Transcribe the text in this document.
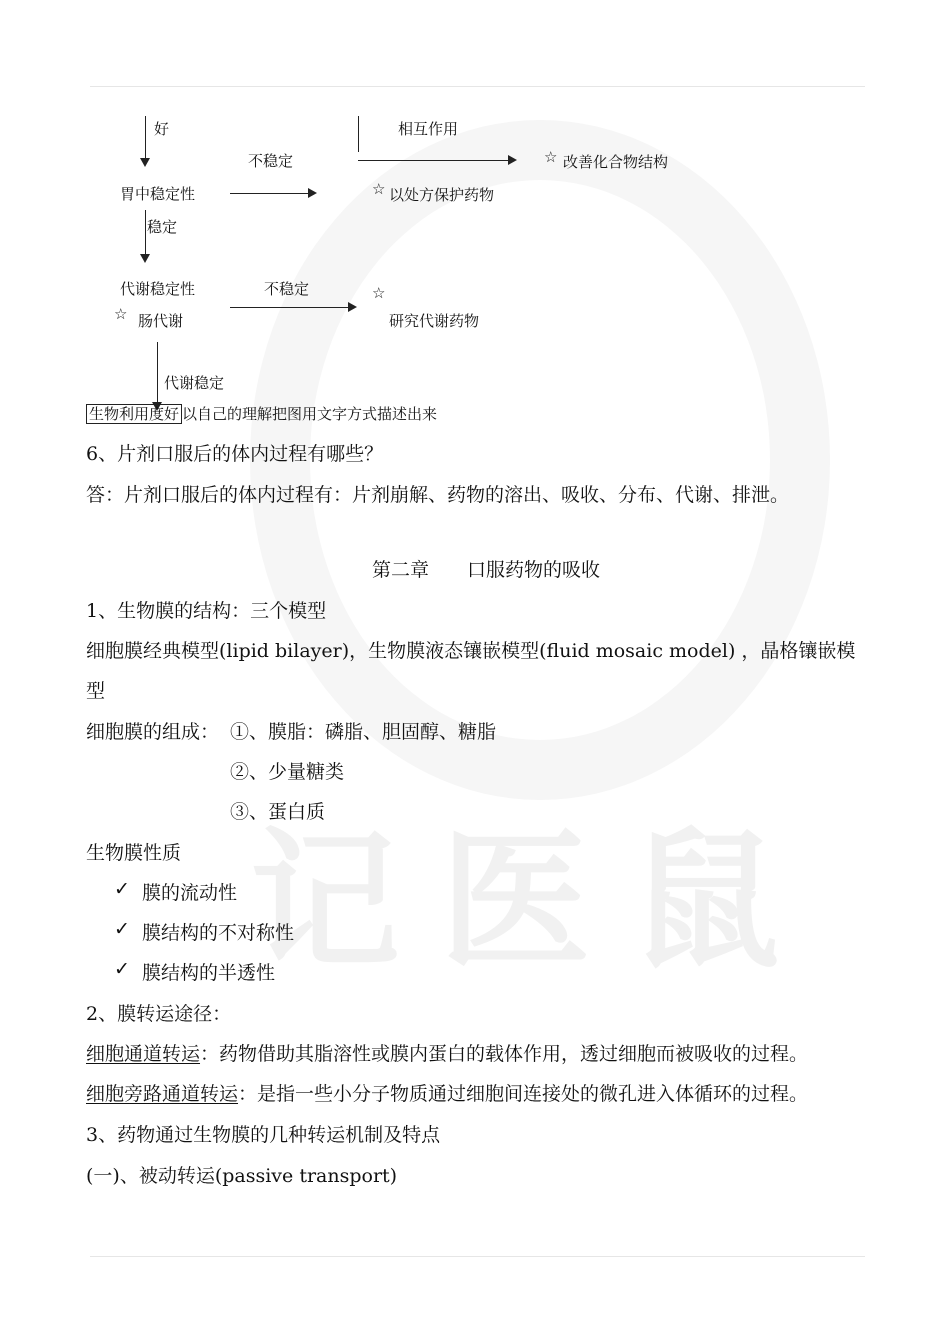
记医鼠
好
不稳定
相互作用
☆ 改善化合物结构
胃中稳定性	☆ 以处方保护药物
稳定
代谢稳定性	不稳定	☆
☆ 肠代谢	研究代谢药物
代谢稳定
生物利用度好 以自己的理解把图用文字方式描述出来
6、片剂口服后的体内过程有哪些？
答：片剂口服后的体内过程有：片剂崩解、药物的溶出、吸收、分布、代谢、排泄。
第二章　　口服药物的吸收
1、生物膜的结构：三个模型
细胞膜经典模型(lipid bilayer)，生物膜液态镶嵌模型(fluid mosaic model) ，晶格镶嵌模
型
细胞膜的组成： ①、膜脂：磷脂、胆固醇、糖脂
②、少量糖类
③、蛋白质
生物膜性质
✓ 膜的流动性
✓ 膜结构的不对称性
✓ 膜结构的半透性
2、膜转运途径：
细胞通道转运：药物借助其脂溶性或膜内蛋白的载体作用，透过细胞而被吸收的过程。
细胞旁路通道转运：是指一些小分子物质通过细胞间连接处的微孔进入体循环的过程。
3、药物通过生物膜的几种转运机制及特点
(一)、被动转运(passive transport)
